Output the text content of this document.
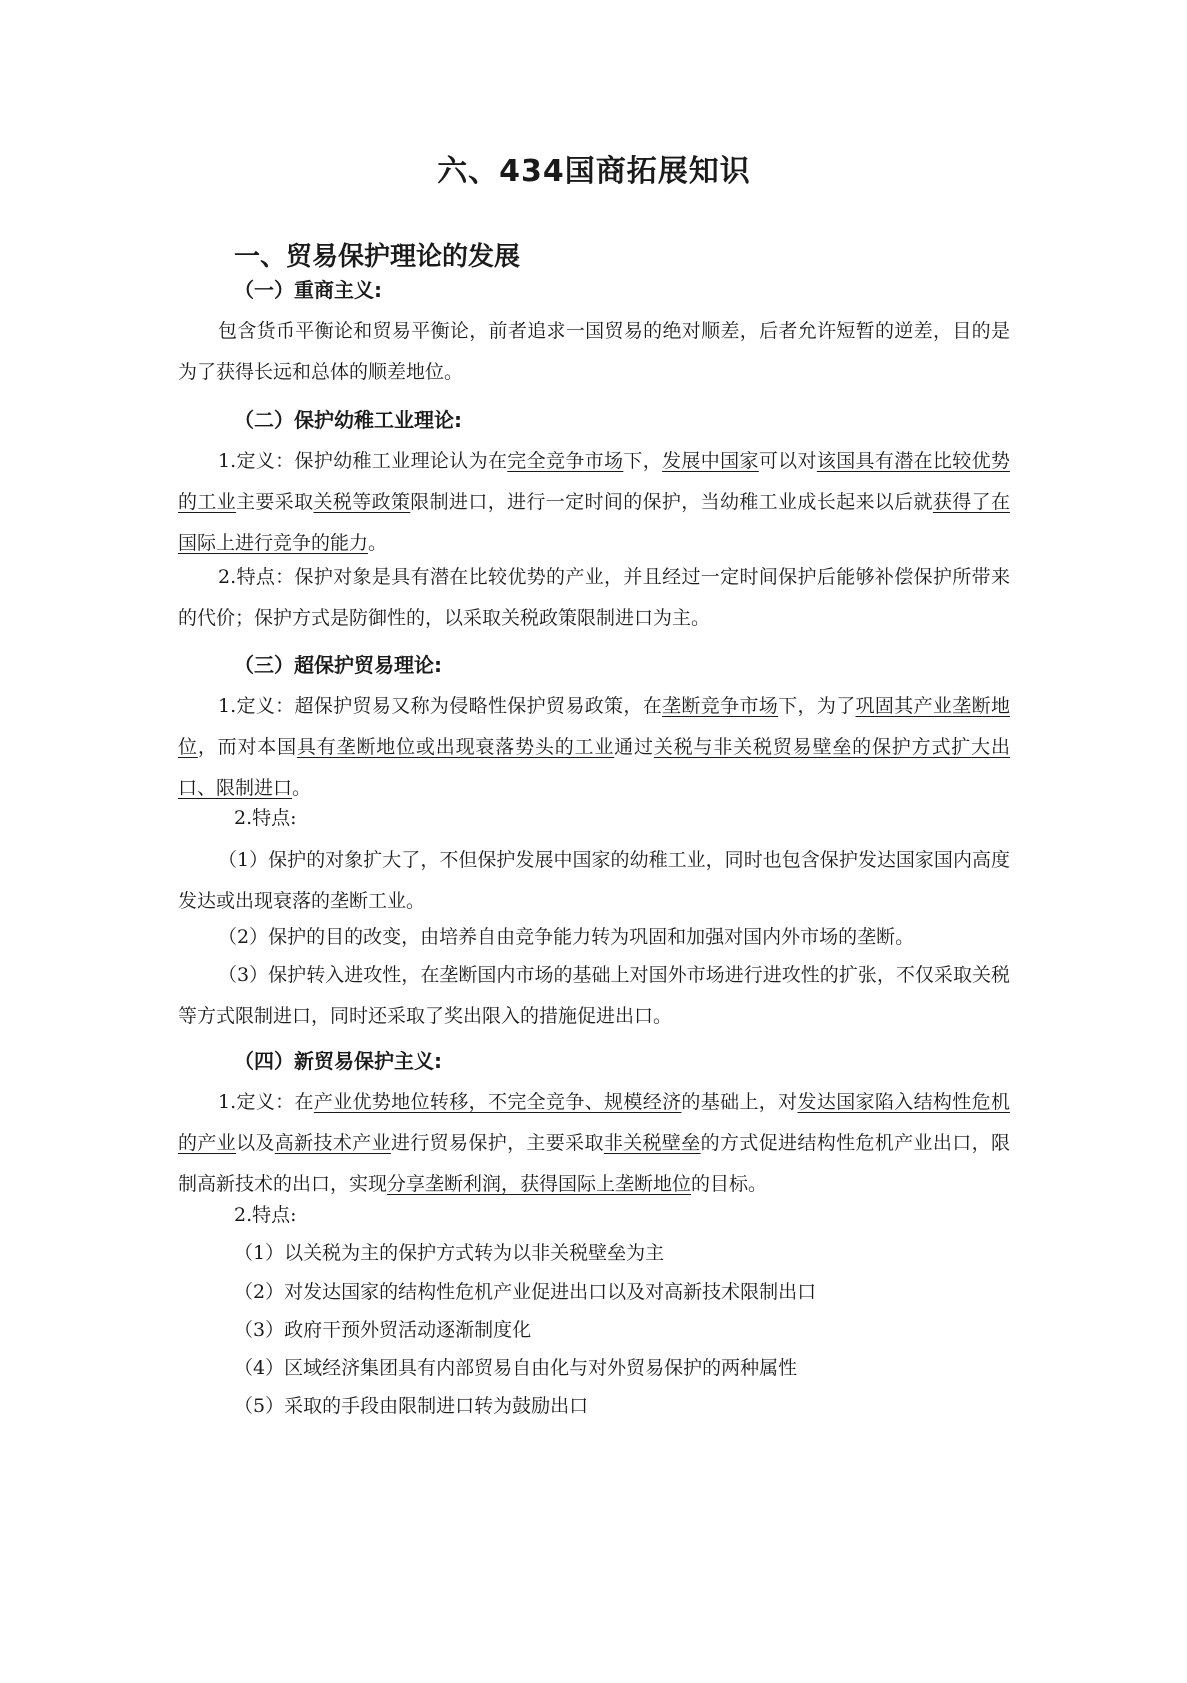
六、434国商拓展知识
一、贸易保护理论的发展
（一）重商主义:

包含货币平衡论和贸易平衡论，前者追求一国贸易的绝对顺差，后者允许短暂的逆差，目的是为了获得长远和总体的顺差地位。

（二）保护幼稚工业理论:

1.定义：保护幼稚工业理论认为在完全竞争市场下，发展中国家可以对该国具有潜在比较优势的工业主要采取关税等政策限制进口，进行一定时间的保护，当幼稚工业成长起来以后就获得了在国际上进行竞争的能力。

2.特点：保护对象是具有潜在比较优势的产业，并且经过一定时间保护后能够补偿保护所带来的代价；保护方式是防御性的，以采取关税政策限制进口为主。

（三）超保护贸易理论:

1.定义：超保护贸易又称为侵略性保护贸易政策，在垄断竞争市场下，为了巩固其产业垄断地位，而对本国具有垄断地位或出现衰落势头的工业通过关税与非关税贸易壁垒的保护方式扩大出口、限制进口。

2.特点:

（1）保护的对象扩大了，不但保护发展中国家的幼稚工业，同时也包含保护发达国家国内高度发达或出现衰落的垄断工业。

（2）保护的目的改变，由培养自由竞争能力转为巩固和加强对国内外市场的垄断。

（3）保护转入进攻性，在垄断国内市场的基础上对国外市场进行进攻性的扩张，不仅采取关税等方式限制进口，同时还采取了奖出限入的措施促进出口。

（四）新贸易保护主义:

1.定义：在产业优势地位转移，不完全竞争、规模经济的基础上，对发达国家陷入结构性危机的产业以及高新技术产业进行贸易保护，主要采取非关税壁垒的方式促进结构性危机产业出口，限制高新技术的出口，实现分享垄断利润，获得国际上垄断地位的目标。

2.特点:
（1）以关税为主的保护方式转为以非关税壁垒为主
（2）对发达国家的结构性危机产业促进出口以及对高新技术限制出口
（3）政府干预外贸活动逐渐制度化
（4）区域经济集团具有内部贸易自由化与对外贸易保护的两种属性
（5）采取的手段由限制进口转为鼓励出口
